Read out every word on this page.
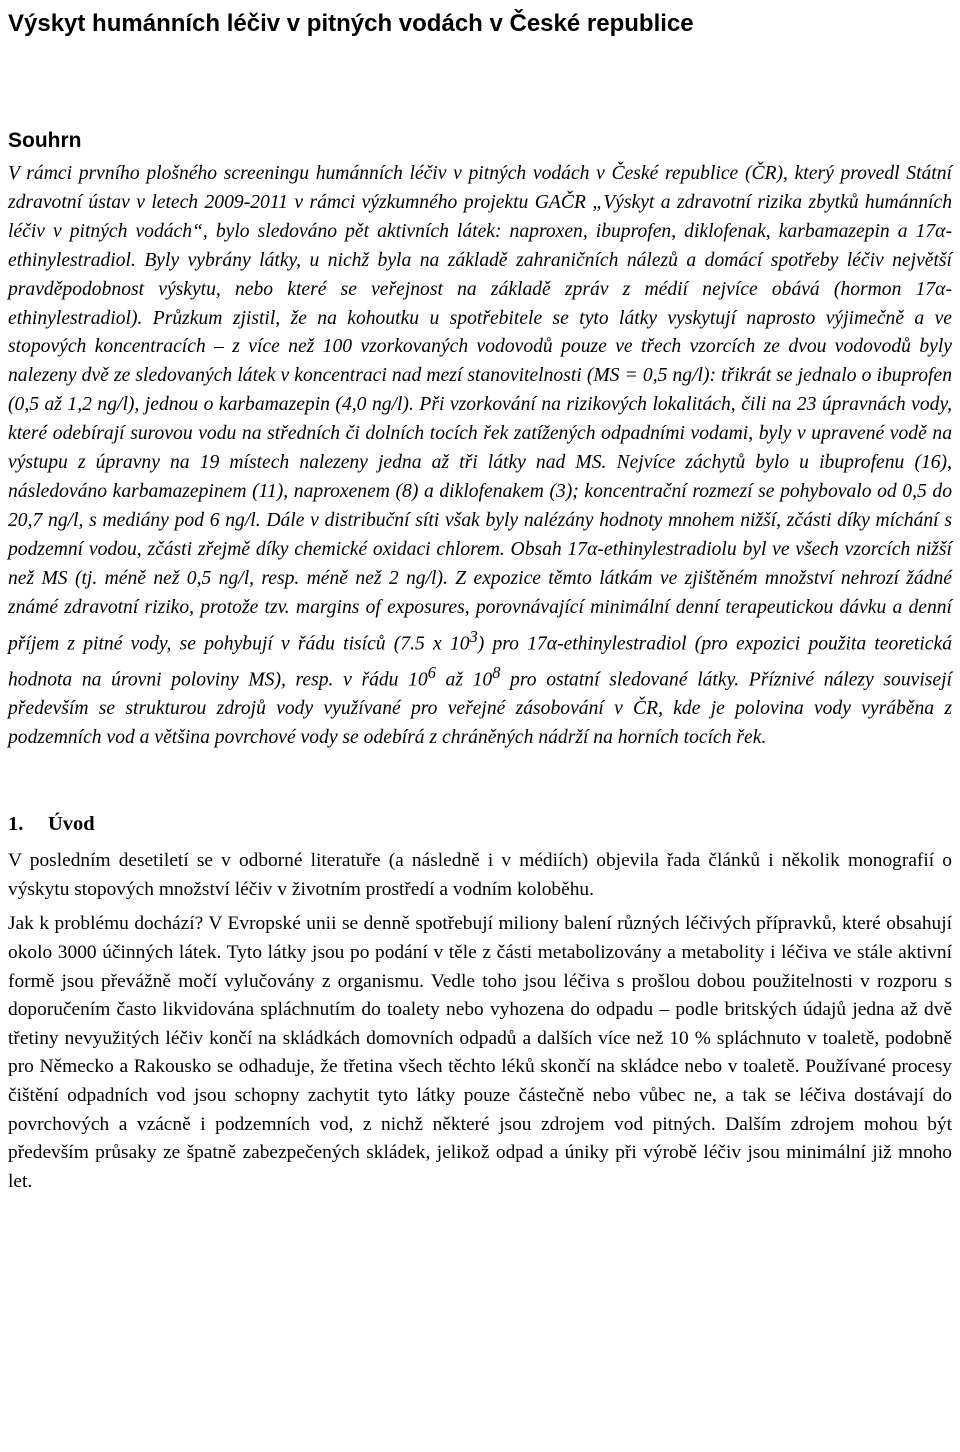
Výskyt humánních léčiv v pitných vodách v České republice
Souhrn

V rámci prvního plošného screeningu humánních léčiv v pitných vodách v České republice (ČR), který provedl Státní zdravotní ústav v letech 2009-2011 v rámci výzkumného projektu GAČR „Výskyt a zdravotní rizika zbytků humánních léčiv v pitných vodách“, bylo sledováno pět aktivních látek: naproxen, ibuprofen, diklofenak, karbamazepin a 17α-ethinylestradiol. Byly vybrány látky, u nichž byla na základě zahraničních nálezů a domácí spotřeby léčiv největší pravděpodobnost výskytu, nebo které se veřejnost na základě zpráv z médií nejvíce obává (hormon 17α-ethinylestradiol). Průzkum zjistil, že na kohoutku u spotřebitele se tyto látky vyskytují naprosto výjimečně a ve stopových koncentracích – z více než 100 vzorkovaných vodovodů pouze ve třech vzorcích ze dvou vodovodů byly nalezeny dvě ze sledovaných látek v koncentraci nad mezí stanovitelnosti (MS = 0,5 ng/l): třikrát se jednalo o ibuprofen (0,5 až 1,2 ng/l), jednou o karbamazepin (4,0 ng/l). Při vzorkování na rizikových lokalitách, čili na 23 úpravnách vody, které odebírají surovou vodu na středních či dolních tocích řek zatížených odpadními vodami, byly v upravené vodě na výstupu z úpravny na 19 místech nalezeny jedna až tři látky nad MS. Nejvíce záchytů bylo u ibuprofenu (16), následováno karbamazepinem (11), naproxenem (8) a diklofenakem (3); koncentrační rozmezí se pohybovalo od 0,5 do 20,7 ng/l, s mediány pod 6 ng/l. Dále v distribuční síti však byly nalézány hodnoty mnohem nižší, zčásti díky míchání s podzemní vodou, zčásti zřejmě díky chemické oxidaci chlorem. Obsah 17α-ethinylestradiolu byl ve všech vzorcích nižší než MS (tj. méně než 0,5 ng/l, resp. méně než 2 ng/l). Z expozice těmto látkám ve zjištěném množství nehrozí žádné známé zdravotní riziko, protože tzv. margins of exposures, porovnávající minimální denní terapeutickou dávku a denní příjem z pitné vody, se pohybují v řádu tisíců (7.5 x $10^3$) pro 17α-ethinylestradiol (pro expozici použita teoretická hodnota na úrovni poloviny MS), resp. v řádu $10^6$ až $10^8$ pro ostatní sledované látky. Příznivé nálezy souvisejí především se strukturou zdrojů vody využívané pro veřejné zásobování v ČR, kde je polovina vody vyráběna z podzemních vod a většina povrchové vody se odebírá z chráněných nádrží na horních tocích řek.

1. Úvod

V posledním desetiletí se v odborné literatuře (a následně i v médiích) objevila řada článků i několik monografií o výskytu stopových množství léčiv v životním prostředí a vodním koloběhu.

Jak k problému dochází? V Evropské unii se denně spotřebují miliony balení různých léčivých přípravků, které obsahují okolo 3000 účinných látek. Tyto látky jsou po podání v těle z části metabolizovány a metabolity i léčiva ve stále aktivní formě jsou převážně močí vylučovány z organismu. Vedle toho jsou léčiva s prošlou dobou použitelnosti v rozporu s doporučením často likvidována spláchnutím do toalety nebo vyhozena do odpadu – podle britských údajů jedna až dvě třetiny nevyužitých léčiv končí na skládkách domovních odpadů a dalších více než 10 % spláchnuto v toaletě, podobně pro Německo a Rakousko se odhaduje, že třetina všech těchto léků skončí na skládce nebo v toaletě. Používané procesy čištění odpadních vod jsou schopny zachytit tyto látky pouze částečně nebo vůbec ne, a tak se léčiva dostávají do povrchových a vzácně i podzemních vod, z nichž některé jsou zdrojem vod pitných. Dalším zdrojem mohou být především průsaky ze špatně zabezpečených skládek, jelikož odpad a úniky při výrobě léčiv jsou minimální již mnoho let.
